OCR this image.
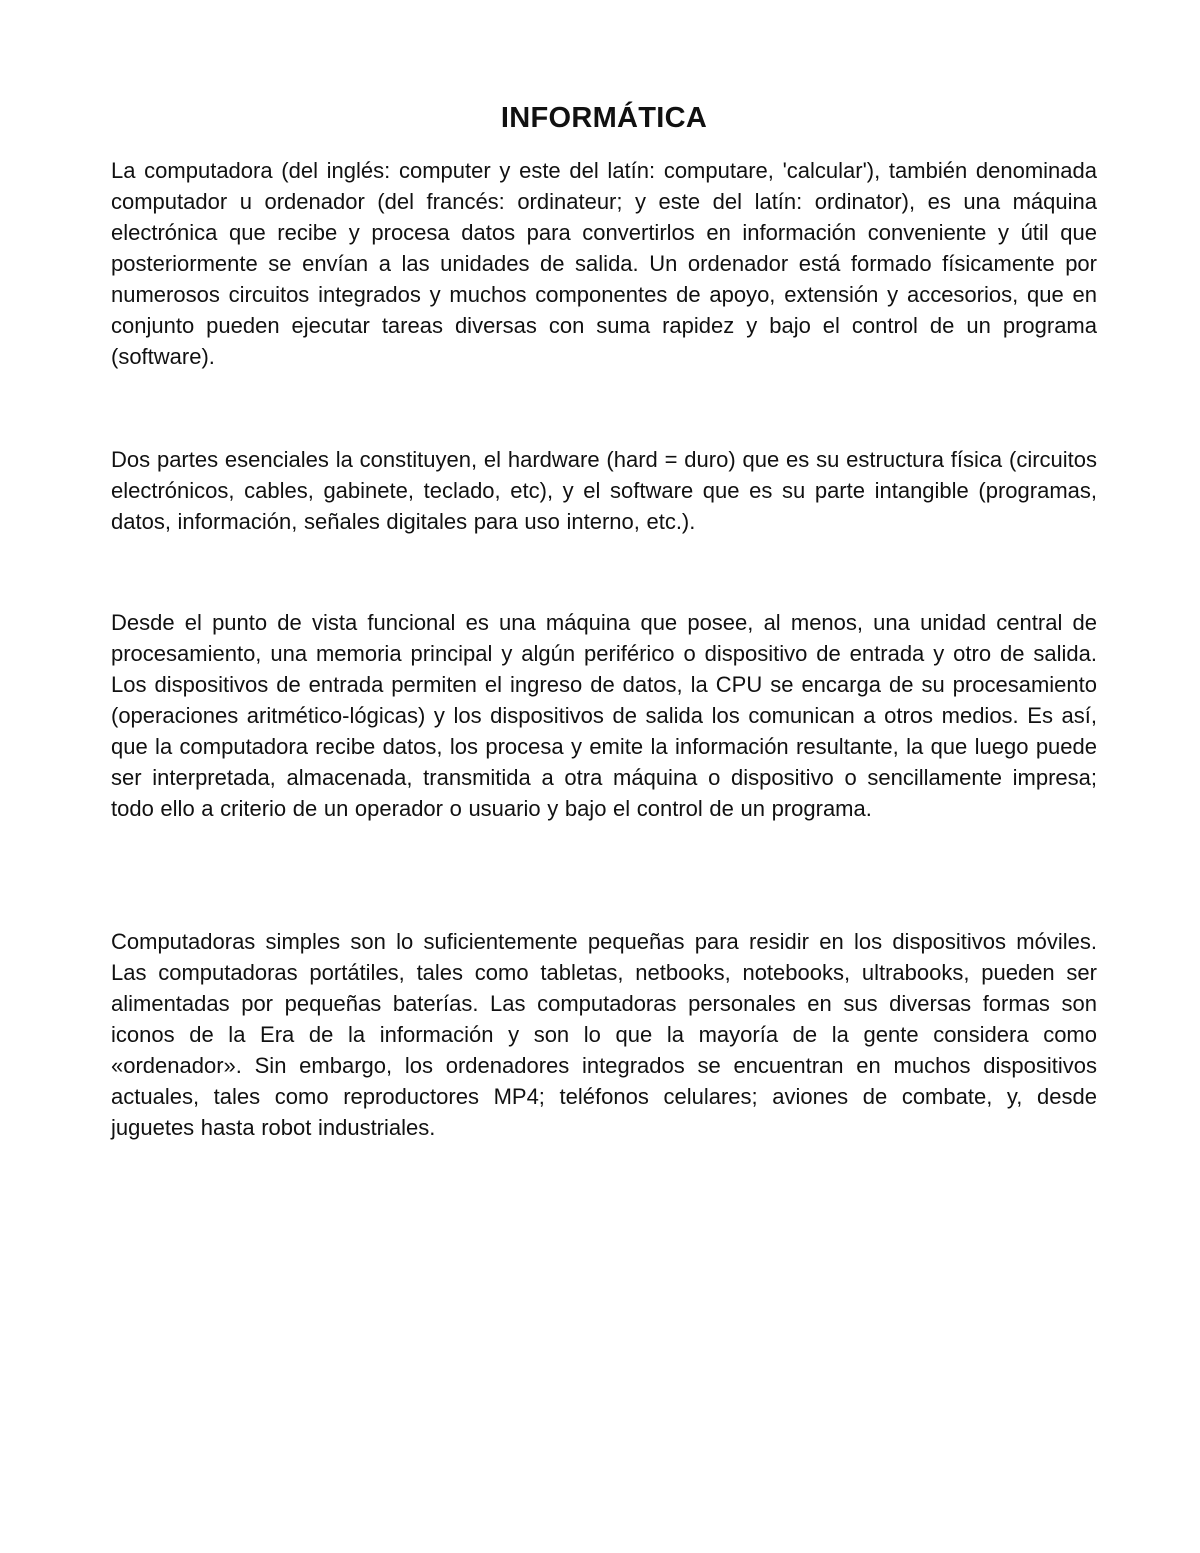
INFORMÁTICA

La computadora (del inglés: computer y este del latín: computare, 'calcular'), también denominada computador u ordenador (del francés: ordinateur; y este del latín: ordinator), es una máquina electrónica que recibe y procesa datos para convertirlos en información conveniente y útil que posteriormente se envían a las unidades de salida. Un ordenador está formado físicamente por numerosos circuitos integrados y muchos componentes de apoyo, extensión y accesorios, que en conjunto pueden ejecutar tareas diversas con suma rapidez y bajo el control de un programa (software).

Dos partes esenciales la constituyen, el hardware (hard = duro) que es su estructura física (circuitos electrónicos, cables, gabinete, teclado, etc), y el software que es su parte intangible (programas, datos, información, señales digitales para uso interno, etc.).

Desde el punto de vista funcional es una máquina que posee, al menos, una unidad central de procesamiento, una memoria principal y algún periférico o dispositivo de entrada y otro de salida. Los dispositivos de entrada permiten el ingreso de datos, la CPU se encarga de su procesamiento (operaciones aritmético-lógicas) y los dispositivos de salida los comunican a otros medios. Es así, que la computadora recibe datos, los procesa y emite la información resultante, la que luego puede ser interpretada, almacenada, transmitida a otra máquina o dispositivo o sencillamente impresa; todo ello a criterio de un operador o usuario y bajo el control de un programa.

Computadoras simples son lo suficientemente pequeñas para residir en los dispositivos móviles. Las computadoras portátiles, tales como tabletas, netbooks, notebooks, ultrabooks, pueden ser alimentadas por pequeñas baterías. Las computadoras personales en sus diversas formas son iconos de la Era de la información y son lo que la mayoría de la gente considera como «ordenador». Sin embargo, los ordenadores integrados se encuentran en muchos dispositivos actuales, tales como reproductores MP4; teléfonos celulares; aviones de combate, y, desde juguetes hasta robot industriales.
